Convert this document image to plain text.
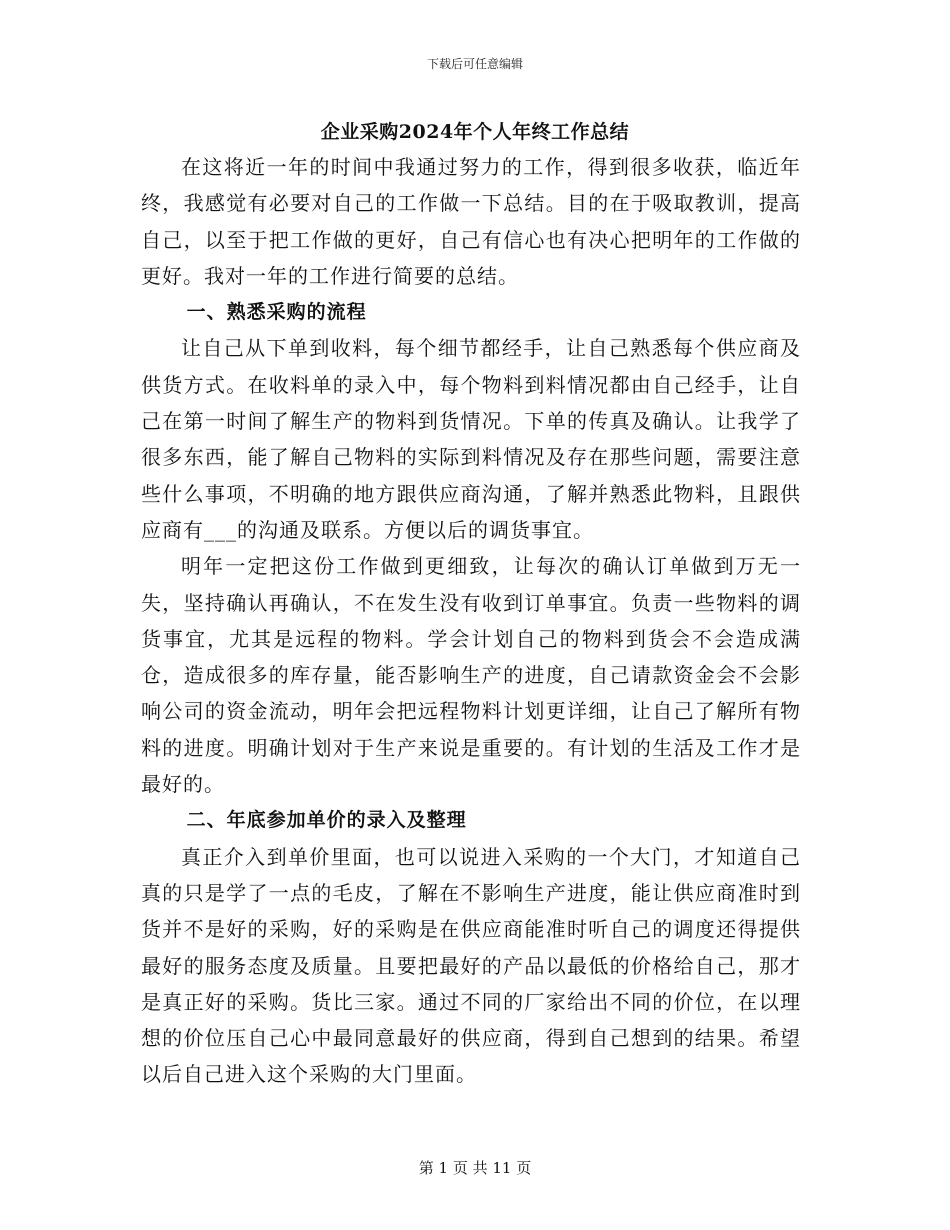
下载后可任意编辑
企业采购2024年个人年终工作总结

在这将近一年的时间中我通过努力的工作，得到很多收获，临近年终，我感觉有必要对自己的工作做一下总结。目的在于吸取教训，提高自己，以至于把工作做的更好，自己有信心也有决心把明年的工作做的更好。我对一年的工作进行简要的总结。

一、熟悉采购的流程

让自己从下单到收料，每个细节都经手，让自己熟悉每个供应商及供货方式。在收料单的录入中，每个物料到料情况都由自己经手，让自己在第一时间了解生产的物料到货情况。下单的传真及确认。让我学了很多东西，能了解自己物料的实际到料情况及存在那些问题，需要注意些什么事项，不明确的地方跟供应商沟通，了解并熟悉此物料，且跟供应商有___的沟通及联系。方便以后的调货事宜。

明年一定把这份工作做到更细致，让每次的确认订单做到万无一失，坚持确认再确认，不在发生没有收到订单事宜。负责一些物料的调货事宜，尤其是远程的物料。学会计划自己的物料到货会不会造成满仓，造成很多的库存量，能否影响生产的进度，自己请款资金会不会影响公司的资金流动，明年会把远程物料计划更详细，让自己了解所有物料的进度。明确计划对于生产来说是重要的。有计划的生活及工作才是最好的。

二、年底参加单价的录入及整理

真正介入到单价里面，也可以说进入采购的一个大门，才知道自己真的只是学了一点的毛皮，了解在不影响生产进度，能让供应商准时到货并不是好的采购，好的采购是在供应商能准时听自己的调度还得提供最好的服务态度及质量。且要把最好的产品以最低的价格给自己，那才是真正好的采购。货比三家。通过不同的厂家给出不同的价位，在以理想的价位压自己心中最同意最好的供应商，得到自己想到的结果。希望以后自己进入这个采购的大门里面。

第 1 页 共 11 页
